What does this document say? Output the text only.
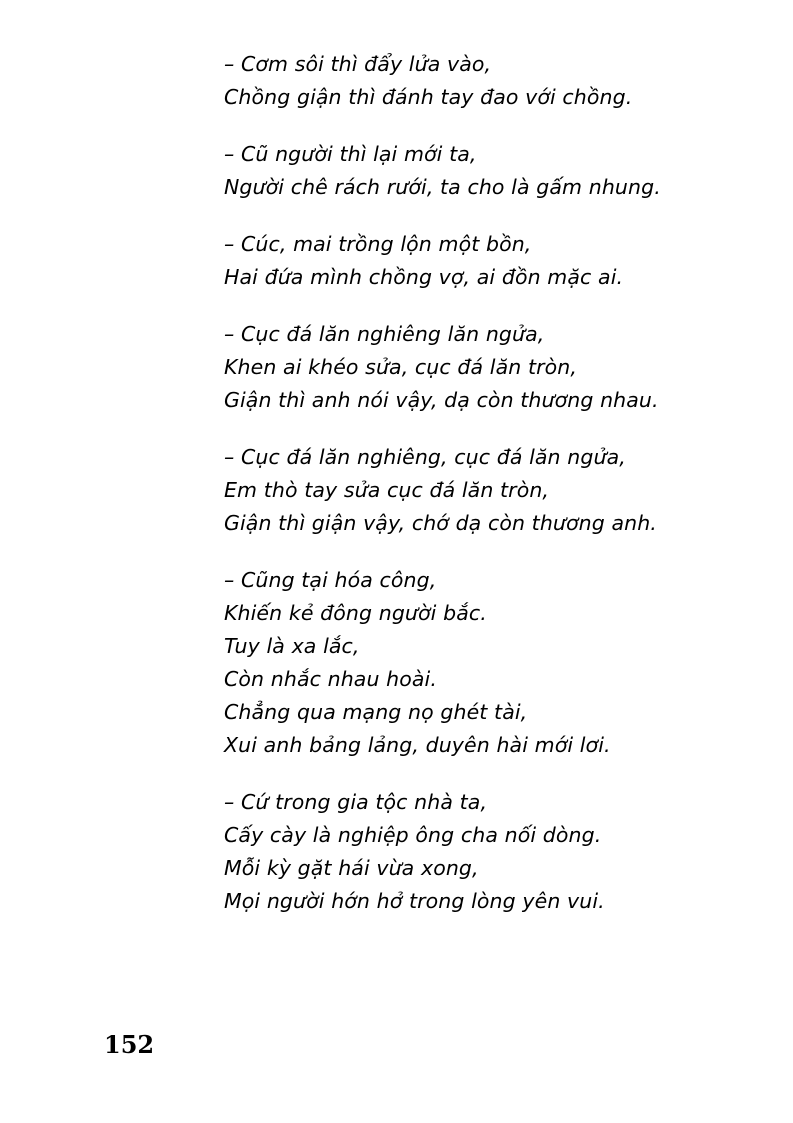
– Cơm sôi thì đẩy lửa vào,
Chồng giận thì đánh tay đao với chồng.
– Cũ người thì lại mới ta,
Người chê rách rưới, ta cho là gấm nhung.
– Cúc, mai trồng lộn một bồn,
Hai đứa mình chồng vợ, ai đồn mặc ai.
– Cục đá lăn nghiêng lăn ngửa,
Khen ai khéo sửa, cục đá lăn tròn,
Giận thì anh nói vậy, dạ còn thương nhau.
– Cục đá lăn nghiêng, cục đá lăn ngửa,
Em thò tay sửa cục đá lăn tròn,
Giận thì giận vậy, chớ dạ còn thương anh.
– Cũng tại hóa công,
Khiến kẻ đông người bắc.
Tuy là xa lắc,
Còn nhắc nhau hoài.
Chẳng qua mạng nọ ghét tài,
Xui anh bảng lảng, duyên hài mới lơi.
– Cứ trong gia tộc nhà ta,
Cấy cày là nghiệp ông cha nối dòng.
Mỗi kỳ gặt hái vừa xong,
Mọi người hớn hở trong lòng yên vui.
152
